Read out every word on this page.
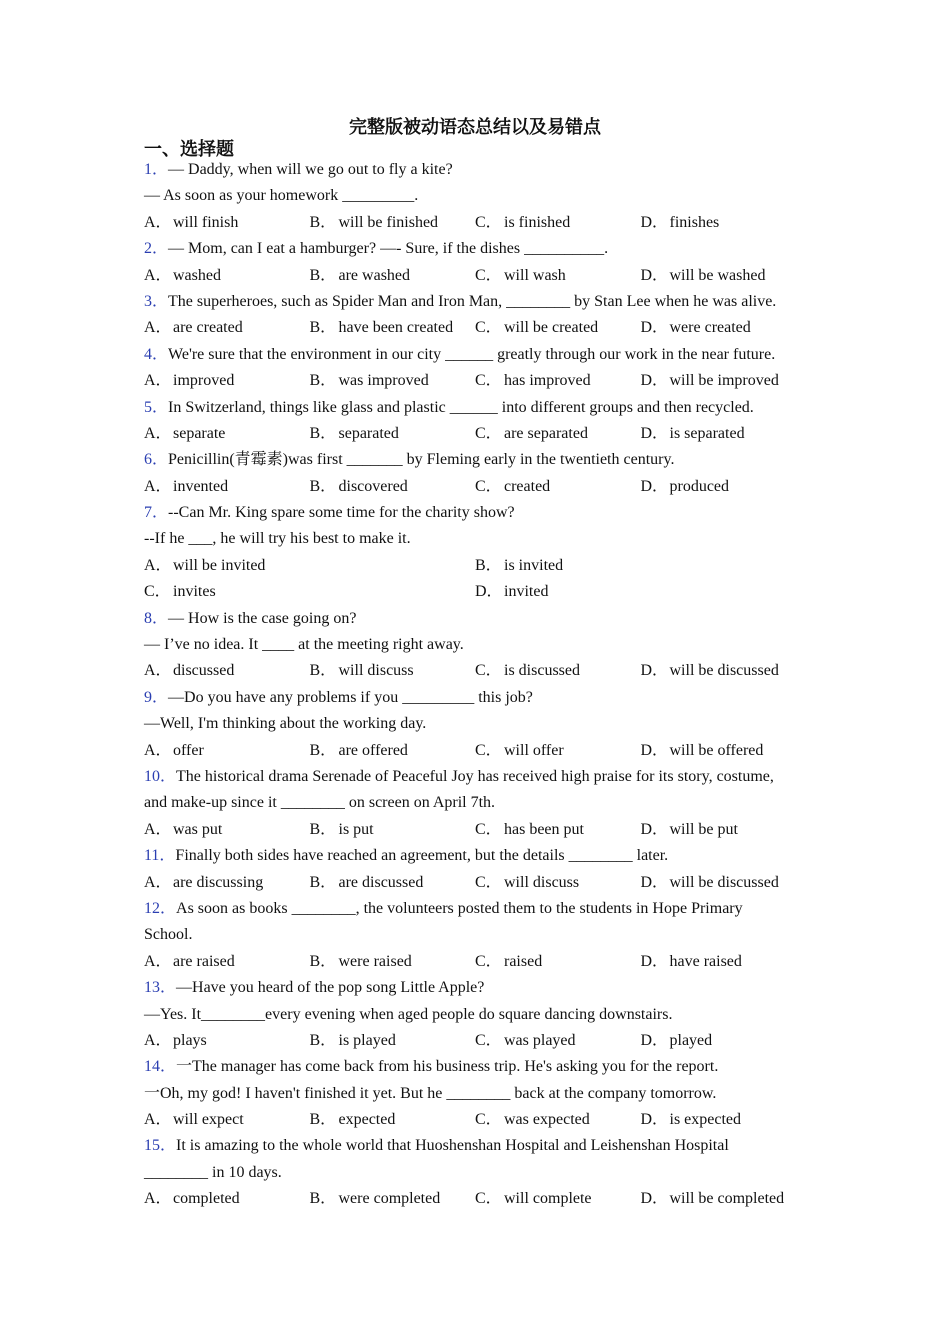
完整版被动语态总结以及易错点
一、选择题
1．— Daddy, when will we go out to fly a kite?
— As soon as your homework _________.
A．will finish	B． will be finished	C． is finished	D．finishes
2．— Mom, can I eat a hamburger? —- Sure, if the dishes __________.
A．washed	B． are washed	C． will wash	D．will be washed
3．The superheroes, such as Spider Man and Iron Man, ________ by Stan Lee when he was alive.
A．are created	B． have been created	C． will be created	D．were created
4．We're sure that the environment in our city ______ greatly through our work in the near future.
A．improved	B． was improved	C． has improved	D．will be improved
5．In Switzerland, things like glass and plastic ______ into different groups and then recycled.
A．separate	B． separated	C． are separated	D．is separated
6．Penicillin(青霉素)was first _______ by Fleming early in the twentieth century.
A．invented	B． discovered	C． created	D．produced
7．--Can Mr. King spare some time for the charity show?
--If he ___, he will try his best to make it.
A．will be invited	B． is invited
C． invites	D．invited
8．— How is the case going on?
— I’ve no idea. It ____ at the meeting right away.
A．discussed	B． will discuss	C． is discussed	D．will be discussed
9．—Do you have any problems if you _________ this job?
—Well, I'm thinking about the working day.
A．offer	B． are offered	C． will offer	D．will be offered
10．The historical drama Serenade of Peaceful Joy has received high praise for its story, costume,
and make-up since it ________ on screen on April 7th.
A．was put	B． is put	C． has been put	D．will be put
11．Finally both sides have reached an agreement, but the details ________ later.
A．are discussing	B． are discussed	C． will discuss	D．will be discussed
12．As soon as books ________, the volunteers posted them to the students in Hope Primary
School.
A．are raised	B． were raised	C． raised	D．have raised
13．—Have you heard of the pop song Little Apple?
—Yes. It________every evening when aged people do square dancing downstairs.
A．plays	B． is played	C． was played	D．played
14．一The manager has come back from his business trip. He's asking you for the report.
一Oh, my god! I haven't finished it yet. But he ________ back at the company tomorrow.
A．will expect	B． expected	C． was expected	D．is expected
15．It is amazing to the whole world that Huoshenshan Hospital and Leishenshan Hospital
________ in 10 days.
A．completed	B． were completed	C． will complete	D．will be completed
